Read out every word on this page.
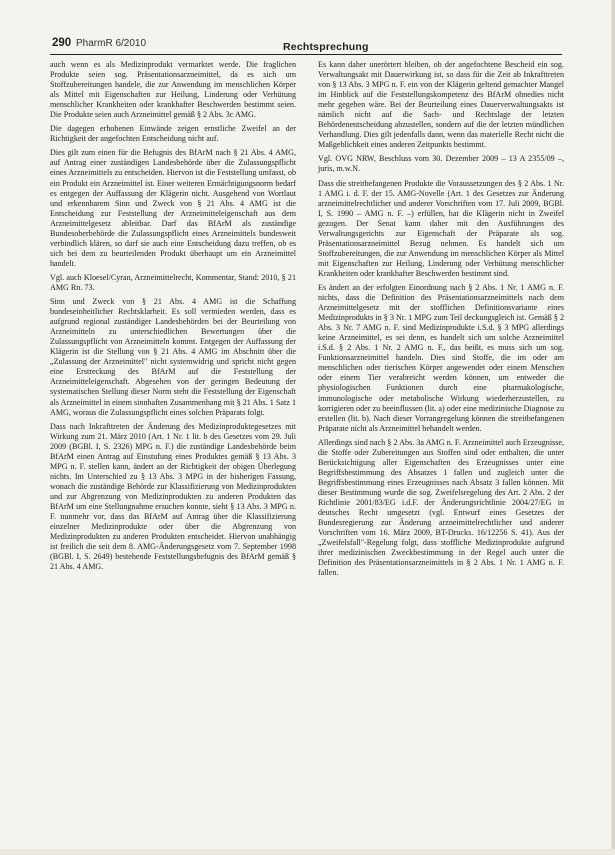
290 PharmR 6/2010	Rechtsprechung

auch wenn es als Medizinprodukt vermarktet werde. Die fraglichen Produkte seien sog. Präsentationsarzneimittel, da es sich um Stoffzubereitungen handele, die zur Anwendung im menschlichen Körper als Mittel mit Eigenschaften zur Heilung, Linderung oder Verhütung menschlicher Krankheiten oder krankhafter Beschwerden bestimmt seien. Die Produkte seien auch Arzneimittel gemäß § 2 Abs. 3c AMG.

Die dagegen erhobenen Einwände zeigen ernstliche Zweifel an der Richtigkeit der angefochten Entscheidung nicht auf.

Dies gilt zum einen für die Befugnis des BfArM nach § 21 Abs. 4 AMG, auf Antrag einer zuständigen Landesbehörde über die Zulassungspflicht eines Arzneimittels zu entscheiden. Hiervon ist die Feststellung umfasst, ob ein Produkt ein Arzneimittel ist. Einer weiteren Ermächtigungsnorm bedarf es entgegen der Auffassung der Klägerin nicht. Ausgehend von Wortlaut und erkennbarem Sinn und Zweck von § 21 Abs. 4 AMG ist die Entscheidung zur Feststellung der Arzneimitteleigenschaft aus dem Arzneimittelgesetz ableitbar. Darf das BfArM als zuständige Bundesoberbehörde die Zulassungspflicht eines Arzneimittels bundesweit verbindlich klären, so darf sie auch eine Entscheidung dazu treffen, ob es sich bei dem zu beurteilenden Produkt überhaupt um ein Arzneimittel handelt.

Vgl. auch Kloesel/Cyran, Arzneimittelrecht, Kommentar, Stand: 2010, § 21 AMG Rn. 73.

Sinn und Zweck von § 21 Abs. 4 AMG ist die Schaffung bundeseinheitlicher Rechtsklarheit. Es soll vermieden werden, dass es aufgrund regional zuständiger Landesbehörden bei der Beurteilung von Arzneimitteln zu unterschiedlichen Bewertungen über die Zulassungspflicht von Arzneimitteln kommt. Entgegen der Auffassung der Klägerin ist die Stellung von § 21 Abs. 4 AMG im Abschnitt über die „Zulassung der Arzneimittel" nicht systemwidrig und spricht nicht gegen eine Erstreckung des BfArM auf die Feststellung der Arzneimitteleigenschaft. Abgesehen von der geringen Bedeutung der systematischen Stellung dieser Norm steht die Feststellung der Eigenschaft als Arzneimittel in einem sinnhaften Zusammenhang mit § 21 Abs. 1 Satz 1 AMG, woraus die Zulassungspflicht eines solchen Präparats folgt.

Dass nach Inkrafttreten der Änderung des Medizinproduktegesetzes mit Wirkung zum 21. März 2010 (Art. 1 Nr. 1 lit. b des Gesetzes vom 29. Juli 2009 (BGBl. I, S. 2326) MPG n. F.) die zuständige Landesbehörde beim BfArM einen Antrag auf Einstufung eines Produktes gemäß § 13 Abs. 3 MPG n. F. stellen kann, ändert an der Richtigkeit der obigen Überlegung nichts. Im Unterschied zu § 13 Abs. 3 MPG in der bisherigen Fassung, wonach die zuständige Behörde zur Klassifizierung von Medizinprodukten und zur Abgrenzung von Medizinprodukten zu anderen Produkten das BfArM um eine Stellungnahme ersuchen konnte, sieht § 13 Abs. 3 MPG n. F. nunmehr vor, dass das BfArM auf Antrag über die Klassifizierung einzelner Medizinprodukte oder über die Abgrenzung von Medizinprodukten zu anderen Produkten entscheidet. Hiervon unabhängig ist freilich die seit dem 8. AMG-Änderungsgesetz vom 7. September 1998 (BGBl. I, S. 2649) bestehende Feststellungsbefugnis des BfArM gemäß § 21 Abs. 4 AMG.

Es kann daher unerörtert bleiben, ob der angefochtene Bescheid ein sog. Verwaltungsakt mit Dauerwirkung ist, so dass für die Zeit ab Inkrafttreten von § 13 Abs. 3 MPG n. F. ein von der Klägerin geltend gemachter Mangel im Hinblick auf die Feststellungskompetenz des BfArM ohnedies nicht mehr gegeben wäre. Bei der Beurteilung eines Dauerverwaltungsakts ist nämlich nicht auf die Sach- und Rechtslage der letzten Behördenentscheidung abzustellen, sondern auf die der letzten mündlichen Verhandlung. Dies gilt jedenfalls dann, wenn das materielle Recht nicht die Maßgeblichkeit eines anderen Zeitpunkts bestimmt.

Vgl. OVG NRW, Beschluss vom 30. Dezember 2009 – 13 A 2355/09 –, juris, m.w.N.

Dass die streitbefangenen Produkte die Voraussetzungen des § 2 Abs. 1 Nr. 1 AMG i. d. F. der 15. AMG-Novelle (Art. 1 des Gesetzes zur Änderung arzneimittelrechtlicher und anderer Vorschriften vom 17. Juli 2009, BGBl. I, S. 1990 – AMG n. F. –) erfüllen, hat die Klägerin nicht in Zweifel gezogen. Der Senat kann daher mit den Ausführungen des Verwaltungsgerichts zur Eigenschaft der Präparate als sog. Präsentationsarzneimittel Bezug nehmen. Es handelt sich um Stoffzubereitungen, die zur Anwendung im menschlichen Körper als Mittel mit Eigenschaften zur Heilung, Linderung oder Verhütung menschlicher Krankheiten oder krankhafter Beschwerden bestimmt sind.

Es ändert an der erfolgten Einordnung nach § 2 Abs. 1 Nr. 1 AMG n. F. nichts, dass die Definition des Präsentationsarzneimittels nach dem Arzneimittelgesetz mit der stofflichen Definitionsvariante eines Medizinprodukts in § 3 Nr. 1 MPG zum Teil deckungsgleich ist. Gemäß § 2 Abs. 3 Nr. 7 AMG n. F. sind Medizinprodukte i.S.d. § 3 MPG allerdings keine Arzneimittel, es sei denn, es handelt sich um solche Arzneimittel i.S.d. § 2 Abs. 1 Nr. 2 AMG n. F., das heißt, es muss sich um sog. Funktionsarzneimittel handeln. Dies sind Stoffe, die im oder am menschlichen oder tierischen Körper angewendet oder einem Menschen oder einem Tier verabreicht werden können, um entweder die physiologischen Funktionen durch eine pharmakologische, immunologische oder metabolische Wirkung wiederherzustellen, zu korrigieren oder zu beeinflussen (lit. a) oder eine medizinische Diagnose zu erstellen (lit. b). Nach dieser Vorrangregelung können die streitbefangenen Präparate nicht als Arzneimittel behandelt werden.

Allerdings sind nach § 2 Abs. 3a AMG n. F. Arzneimittel auch Erzeugnisse, die Stoffe oder Zubereitungen aus Stoffen sind oder enthalten, die unter Berücksichtigung aller Eigenschaften des Erzeugnisses unter eine Begriffsbestimmung des Absatzes 1 fallen und zugleich unter die Begriffsbestimmung eines Erzeugnisses nach Absatz 3 fallen können. Mit dieser Bestimmung wurde die sog. Zweifelsregelung des Art. 2 Abs. 2 der Richtlinie 2001/83/EG i.d.F. der Änderungsrichtlinie 2004/27/EG in deutsches Recht umgesetzt (vgl. Entwurf eines Gesetzes der Bundesregierung zur Änderung arzneimittelrechtlicher und anderer Vorschriften vom 16. März 2009, BT-Drucks. 16/12256 S. 41). Aus der „Zweifelsfall"-Regelung folgt, dass stoffliche Medizinprodukte aufgrund ihrer medizinischen Zweckbestimmung in der Regel auch unter die Definition des Präsentationsarzneimittels in § 2 Abs. 1 Nr. 1 AMG n. F. fallen.
